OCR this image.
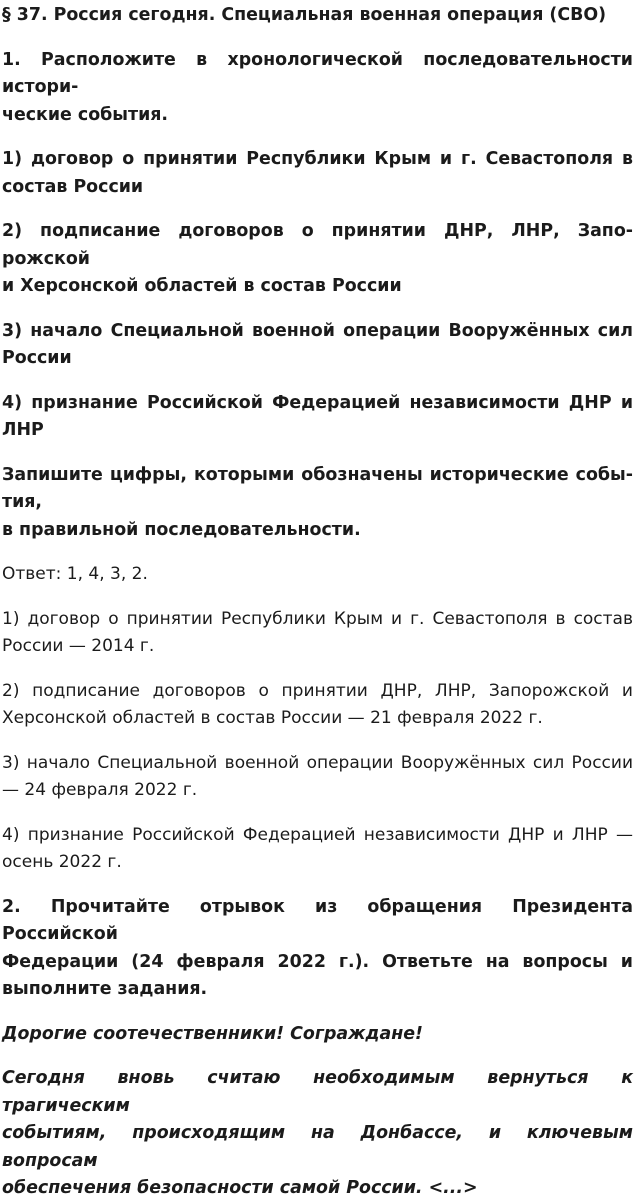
§ 37. Россия сегодня. Специальная военная операция (СВО)

1. Расположите в хронологической последовательности истори-

ческие события.

1) договор о принятии Республики Крым и г. Севастополя в

состав России

2) подписание договоров о принятии ДНР, ЛНР, Запо-рожской

и Херсонской областей в состав России

3) начало Специальной военной операции Вооружённых сил

России

4) признание Российской Федерацией независимости ДНР и

ЛНР

Запишите цифры, которыми обозначены исторические собы-тия,

в правильной последовательности.

Ответ: 1, 4, 3, 2.

1) договор о принятии Республики Крым и г. Севастополя в состав

России — 2014 г.

2) подписание договоров о принятии ДНР, ЛНР, Запорожской и

Херсонской областей в состав России — 21 февраля 2022 г.

3) начало Специальной военной операции Вооружённых сил России

— 24 февраля 2022 г.

4) признание Российской Федерацией независимости ДНР и ЛНР —

осень 2022 г.

2. Прочитайте отрывок из обращения Президента Российской

Федерации (24 февраля 2022 г.). Ответьте на вопросы и

выполните задания.

Дорогие соотечественники! Сограждане!

Сегодня вновь считаю необходимым вернуться к трагическим

событиям, происходящим на Донбассе, и ключевым вопросам

обеспечения безопасности самой России. <...>
